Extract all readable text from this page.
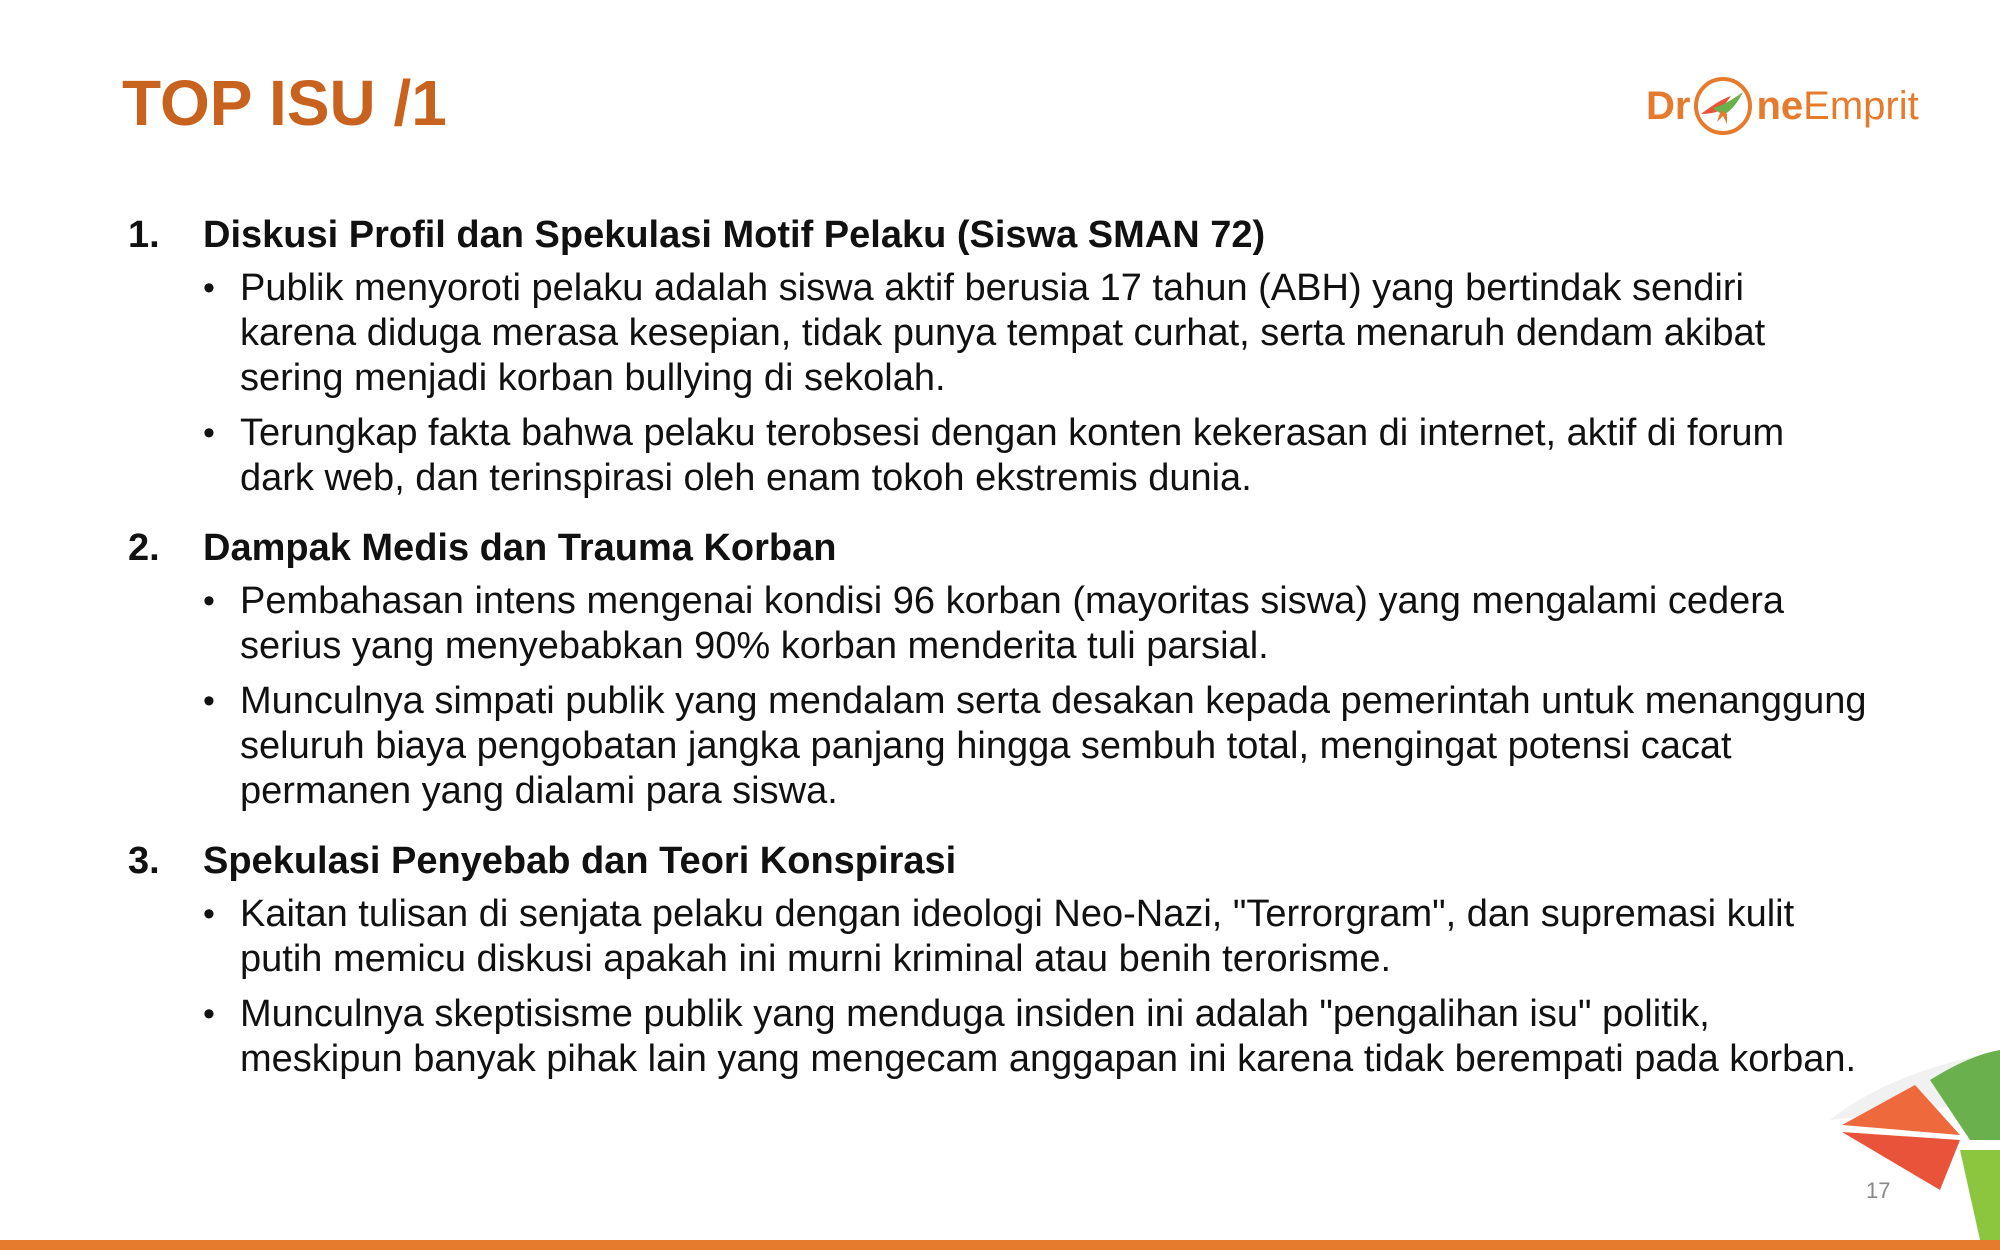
TOP ISU /1	Dr ne Emprit
1.	Diskusi Profil dan Spekulasi Motif Pelaku (Siswa SMAN 72)
• Publik menyoroti pelaku adalah siswa aktif berusia 17 tahun (ABH) yang bertindak sendiri karena diduga merasa kesepian, tidak punya tempat curhat, serta menaruh dendam akibat sering menjadi korban bullying di sekolah.
• Terungkap fakta bahwa pelaku terobsesi dengan konten kekerasan di internet, aktif di forum dark web, dan terinspirasi oleh enam tokoh ekstremis dunia.
2.	Dampak Medis dan Trauma Korban
• Pembahasan intens mengenai kondisi 96 korban (mayoritas siswa) yang mengalami cedera serius yang menyebabkan 90% korban menderita tuli parsial.
• Munculnya simpati publik yang mendalam serta desakan kepada pemerintah untuk menanggung seluruh biaya pengobatan jangka panjang hingga sembuh total, mengingat potensi cacat permanen yang dialami para siswa.
3.	Spekulasi Penyebab dan Teori Konspirasi
• Kaitan tulisan di senjata pelaku dengan ideologi Neo-Nazi, "Terrorgram", dan supremasi kulit putih memicu diskusi apakah ini murni kriminal atau benih terorisme.
• Munculnya skeptisisme publik yang menduga insiden ini adalah "pengalihan isu" politik, meskipun banyak pihak lain yang mengecam anggapan ini karena tidak berempati pada korban.
17
